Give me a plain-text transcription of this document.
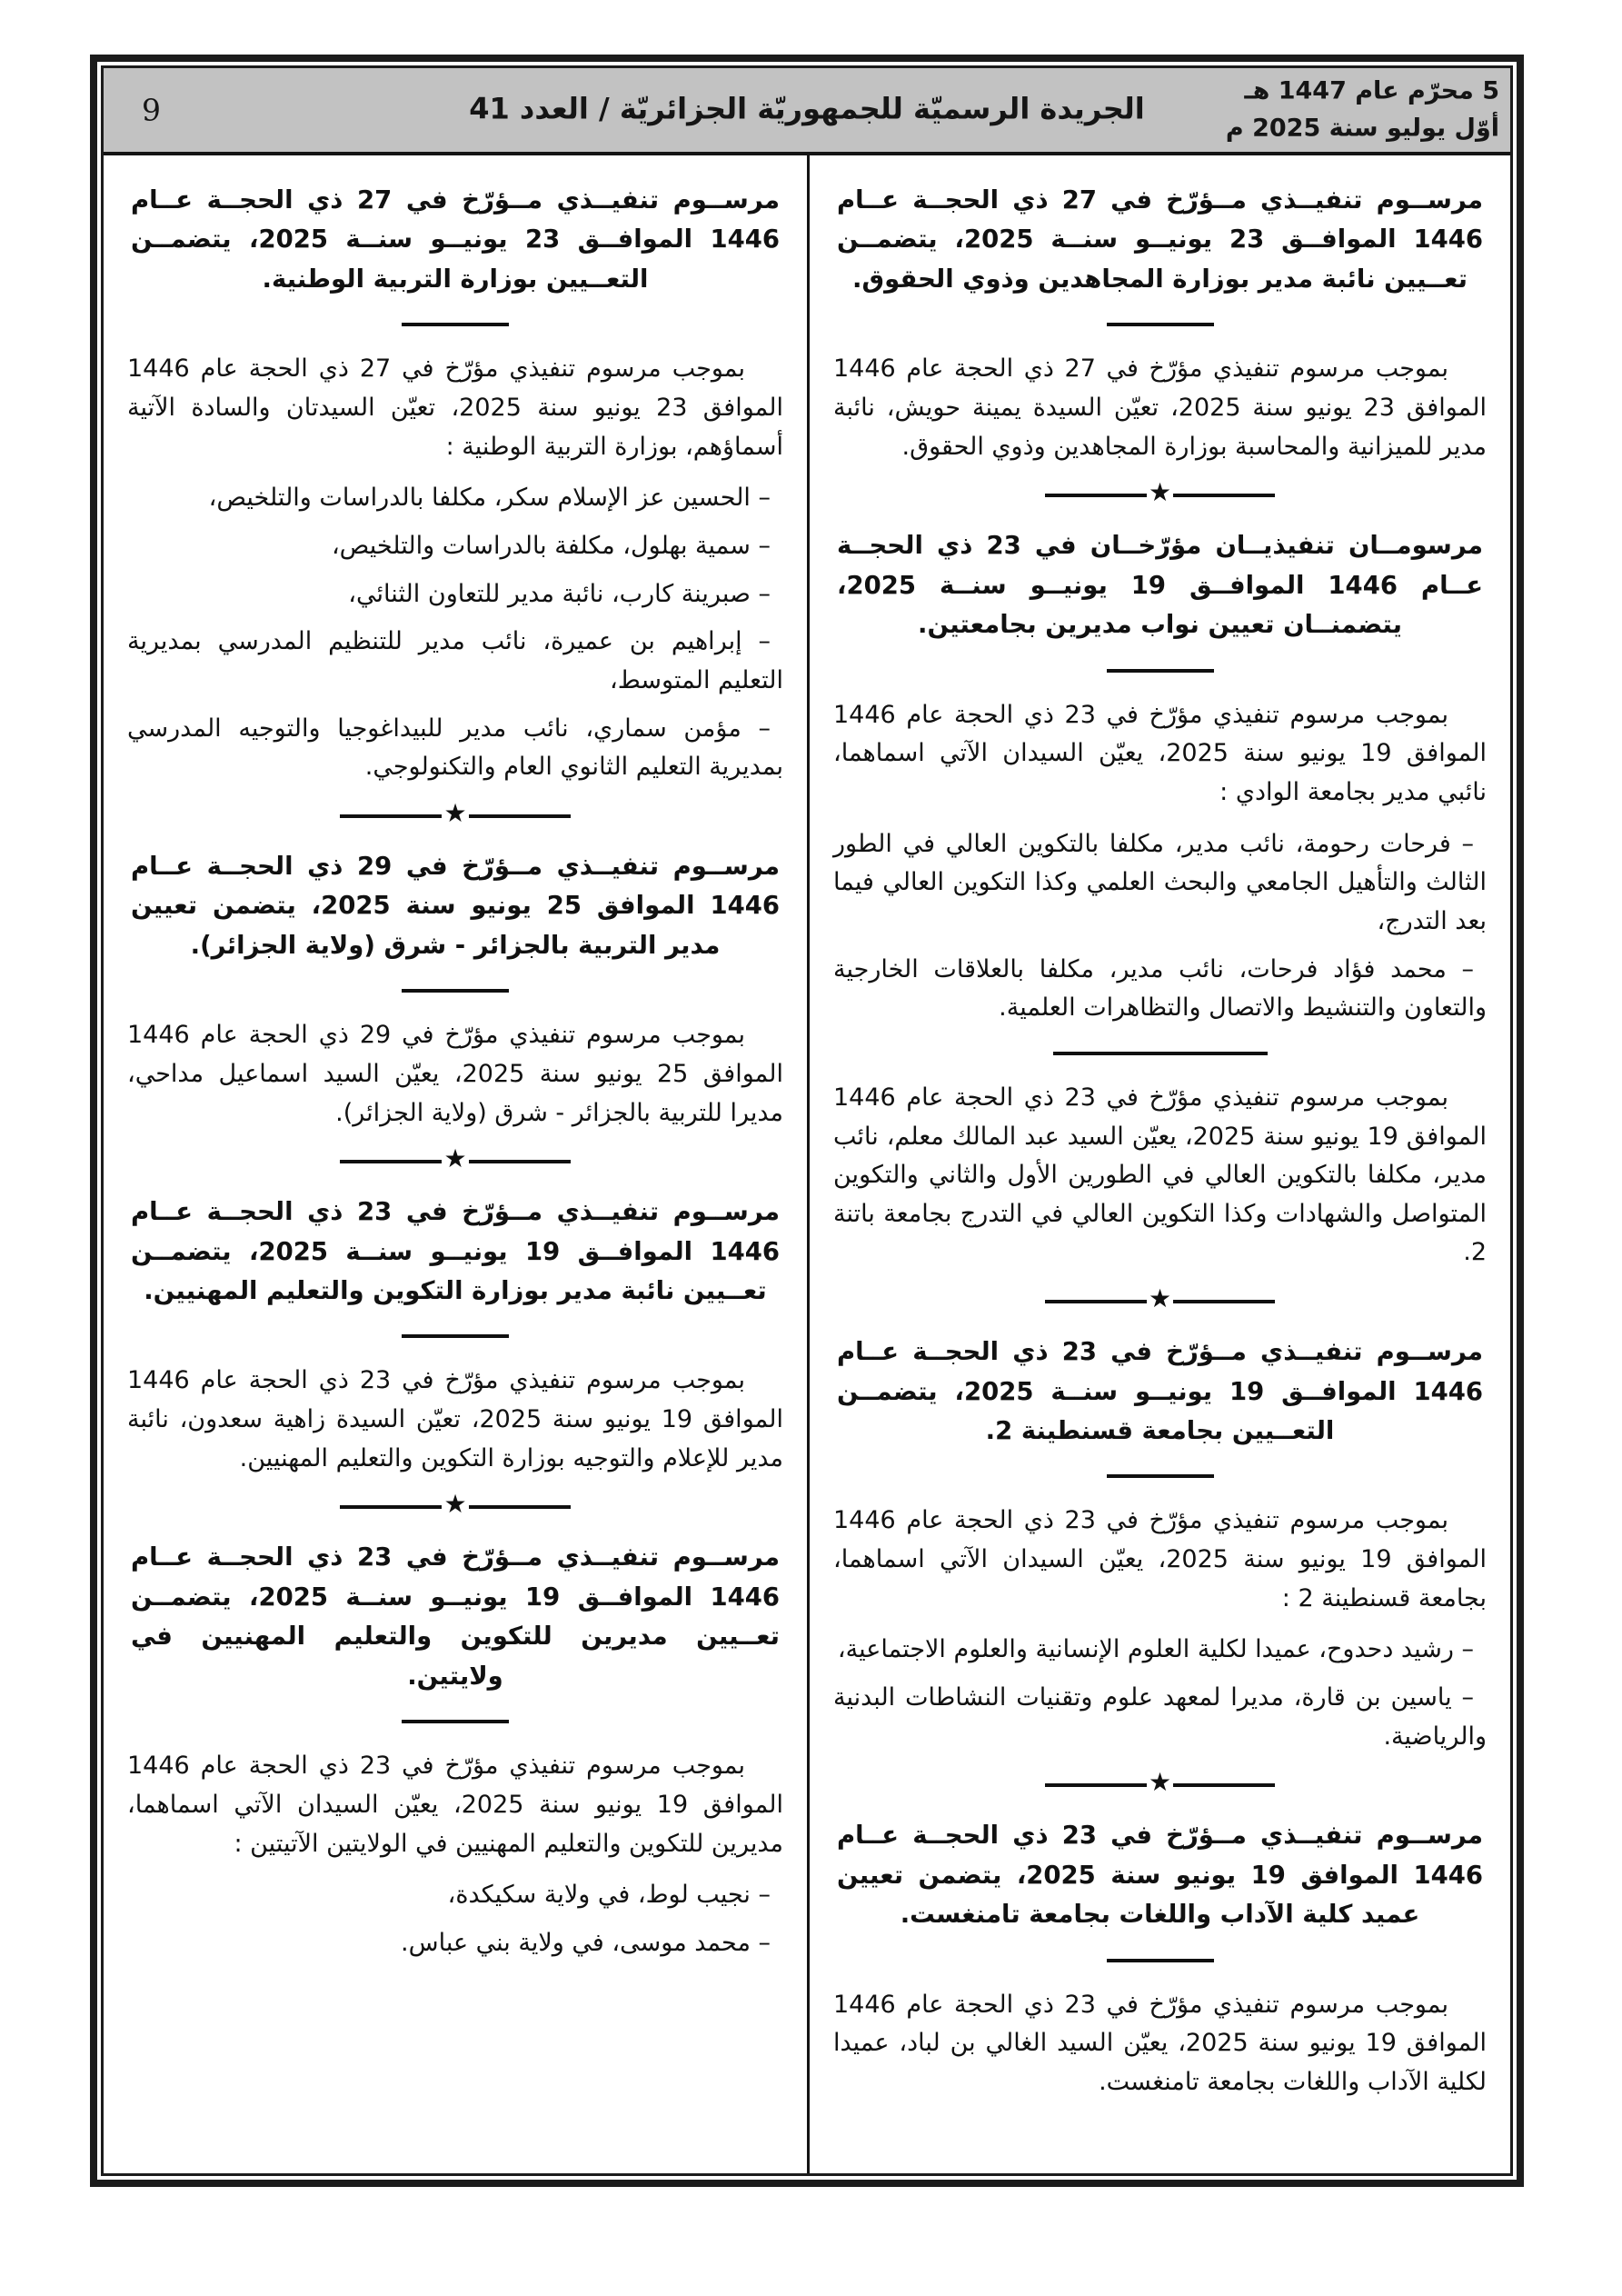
5 محرّم عام 1447 هـ
أوّل يوليو سنة 2025 م
الجريدة الرسميّة للجمهوريّة الجزائريّة / العدد 41
9
مرســوم تنفيــذي مــؤرّخ في 27 ذي الحجــة عــام 1446 الموافــق 23 يونيــو سنــة 2025، يتضمــن تعــيين نائبة مدير بوزارة المجاهدين وذوي الحقوق.
بموجب مرسوم تنفيذي مؤرّخ في 27 ذي الحجة عام 1446 الموافق 23 يونيو سنة 2025، تعيّن السيدة يمينة حويش، نائبة مدير للميزانية والمحاسبة بوزارة المجاهدين وذوي الحقوق.
★
مرسومــان تنفيذيــان مؤرّخــان في 23 ذي الحجــة عــام 1446 الموافــق 19 يونيــو سنــة 2025، يتضمنــان تعيين نواب مديرين بجامعتين.
بموجب مرسوم تنفيذي مؤرّخ في 23 ذي الحجة عام 1446 الموافق 19 يونيو سنة 2025، يعيّن السيدان الآتي اسماهما، نائبي مدير بجامعة الوادي :
– فرحات رحومة، نائب مدير، مكلفا بالتكوين العالي في الطور الثالث والتأهيل الجامعي والبحث العلمي وكذا التكوين العالي فيما بعد التدرج،
– محمد فؤاد فرحات، نائب مدير، مكلفا بالعلاقات الخارجية والتعاون والتنشيط والاتصال والتظاهرات العلمية.
بموجب مرسوم تنفيذي مؤرّخ في 23 ذي الحجة عام 1446 الموافق 19 يونيو سنة 2025، يعيّن السيد عبد المالك معلم، نائب مدير، مكلفا بالتكوين العالي في الطورين الأول والثاني والتكوين المتواصل والشهادات وكذا التكوين العالي في التدرج بجامعة باتنة 2.
★
مرســوم تنفيــذي مــؤرّخ في 23 ذي الحجــة عــام 1446 الموافــق 19 يونيــو سنــة 2025، يتضمــن التعــيين بجامعة قسنطينة 2.
بموجب مرسوم تنفيذي مؤرّخ في 23 ذي الحجة عام 1446 الموافق 19 يونيو سنة 2025، يعيّن السيدان الآتي اسماهما، بجامعة قسنطينة 2 :
– رشيد دحدوح، عميدا لكلية العلوم الإنسانية والعلوم الاجتماعية،
– ياسين بن قارة، مديرا لمعهد علوم وتقنيات النشاطات البدنية والرياضية.
★
مرســوم تنفيــذي مــؤرّخ في 23 ذي الحجــة عــام 1446 الموافق 19 يونيو سنة 2025، يتضمن تعيين عميد كلية الآداب واللغات بجامعة تامنغست.
بموجب مرسوم تنفيذي مؤرّخ في 23 ذي الحجة عام 1446 الموافق 19 يونيو سنة 2025، يعيّن السيد الغالي بن لباد، عميدا لكلية الآداب واللغات بجامعة تامنغست.
مرســوم تنفيــذي مــؤرّخ في 27 ذي الحجــة عــام 1446 الموافــق 23 يونيــو سنــة 2025، يتضمــن التعــيين بوزارة التربية الوطنية.
بموجب مرسوم تنفيذي مؤرّخ في 27 ذي الحجة عام 1446 الموافق 23 يونيو سنة 2025، تعيّن السيدتان والسادة الآتية أسماؤهم، بوزارة التربية الوطنية :
– الحسين عز الإسلام سكر، مكلفا بالدراسات والتلخيص،
– سمية بهلول، مكلفة بالدراسات والتلخيص،
– صبرينة كارب، نائبة مدير للتعاون الثنائي،
– إبراهيم بن عميرة، نائب مدير للتنظيم المدرسي بمديرية التعليم المتوسط،
– مؤمن سماري، نائب مدير للبيداغوجيا والتوجيه المدرسي بمديرية التعليم الثانوي العام والتكنولوجي.
★
مرســوم تنفيــذي مــؤرّخ في 29 ذي الحجــة عــام 1446 الموافق 25 يونيو سنة 2025، يتضمن تعيين مدير التربية بالجزائر - شرق (ولاية الجزائر).
بموجب مرسوم تنفيذي مؤرّخ في 29 ذي الحجة عام 1446 الموافق 25 يونيو سنة 2025، يعيّن السيد اسماعيل مداحي، مديرا للتربية بالجزائر - شرق (ولاية الجزائر).
★
مرســوم تنفيــذي مــؤرّخ في 23 ذي الحجــة عــام 1446 الموافــق 19 يونيــو سنــة 2025، يتضمــن تعــيين نائبة مدير بوزارة التكوين والتعليم المهنيين.
بموجب مرسوم تنفيذي مؤرّخ في 23 ذي الحجة عام 1446 الموافق 19 يونيو سنة 2025، تعيّن السيدة زاهية سعدون، نائبة مدير للإعلام والتوجيه بوزارة التكوين والتعليم المهنيين.
★
مرســوم تنفيــذي مــؤرّخ في 23 ذي الحجــة عــام 1446 الموافــق 19 يونيــو سنــة 2025، يتضمــن تعــيين مديرين للتكوين والتعليم المهنيين في ولايتين.
بموجب مرسوم تنفيذي مؤرّخ في 23 ذي الحجة عام 1446 الموافق 19 يونيو سنة 2025، يعيّن السيدان الآتي اسماهما، مديرين للتكوين والتعليم المهنيين في الولايتين الآتيتين :
– نجيب لوط، في ولاية سكيكدة،
– محمد موسى، في ولاية بني عباس.
